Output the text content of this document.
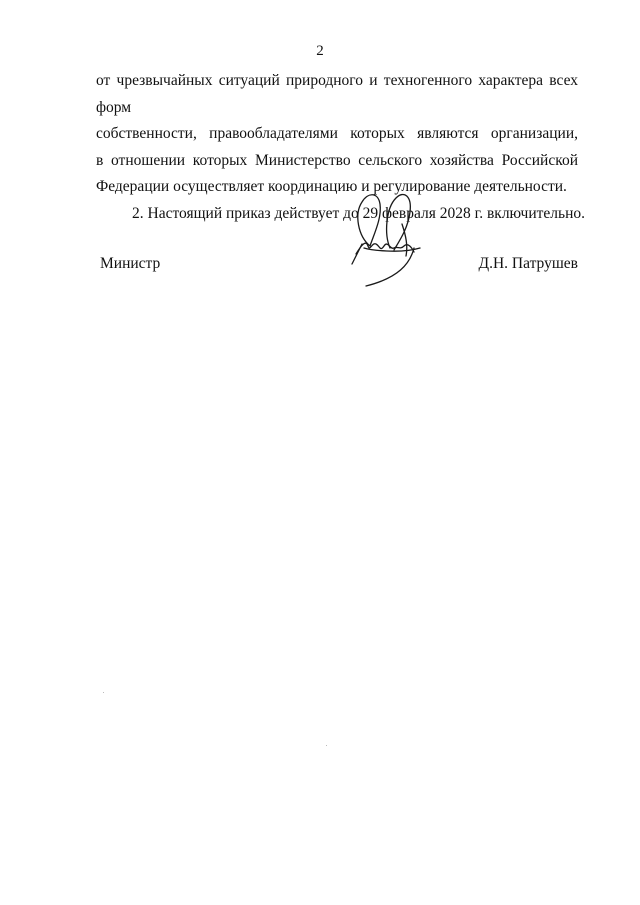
2
от чрезвычайных ситуаций природного и техногенного характера всех форм
собственности, правообладателями которых являются организации,
в отношении которых Министерство сельского хозяйства Российской
Федерации осуществляет координацию и регулирование деятельности.
2. Настоящий приказ действует до 29 февраля 2028 г. включительно.
Министр	Д.Н. Патрушев
